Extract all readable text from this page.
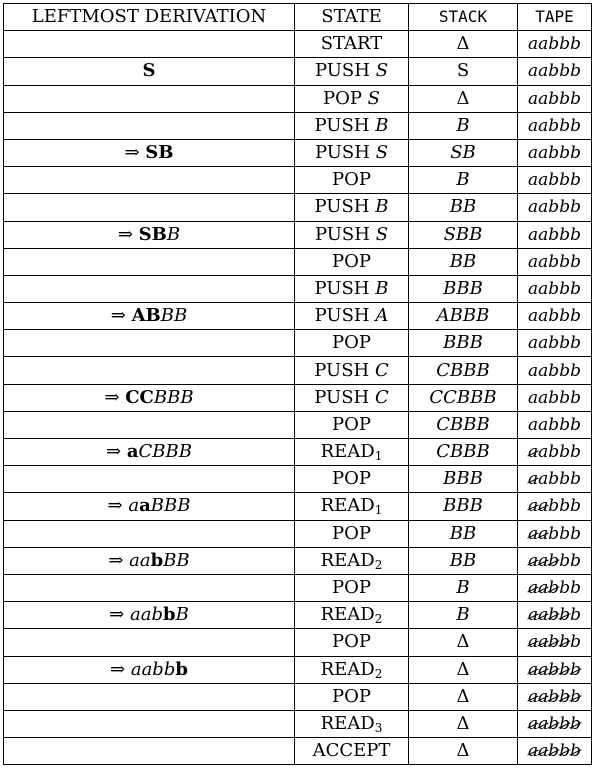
LEFTMOST DERIVATION	STATE	STACK	TAPE
	START	Δ	aabbb
S	PUSH S	S	aabbb
	POP S	Δ	aabbb
	PUSH B	B	aabbb
⇒ SB	PUSH S	SB	aabbb
	POP	B	aabbb
	PUSH B	BB	aabbb
⇒ SBB	PUSH S	SBB	aabbb
	POP	BB	aabbb
	PUSH B	BBB	aabbb
⇒ ABBB	PUSH A	ABBB	aabbb
	POP	BBB	aabbb
	PUSH C	CBBB	aabbb
⇒ CCBBB	PUSH C	CCBBB	aabbb
	POP	CBBB	aabbb
⇒ aCBBB	$READ_1$	CBBB	aabbb
	POP	BBB	aabbb
⇒ aaBBB	$READ_1$	BBB	aabbb
	POP	BB	aabbb
⇒ aabBB	$READ_2$	BB	aabbb
	POP	B	aabbb
⇒ aabbB	$READ_2$	B	aabbb
	POP	Δ	aabbb
⇒ aabbb	$READ_2$	Δ	aabbb
	POP	Δ	aabbb
	$READ_3$	Δ	aabbb
	ACCEPT	Δ	aabbb
